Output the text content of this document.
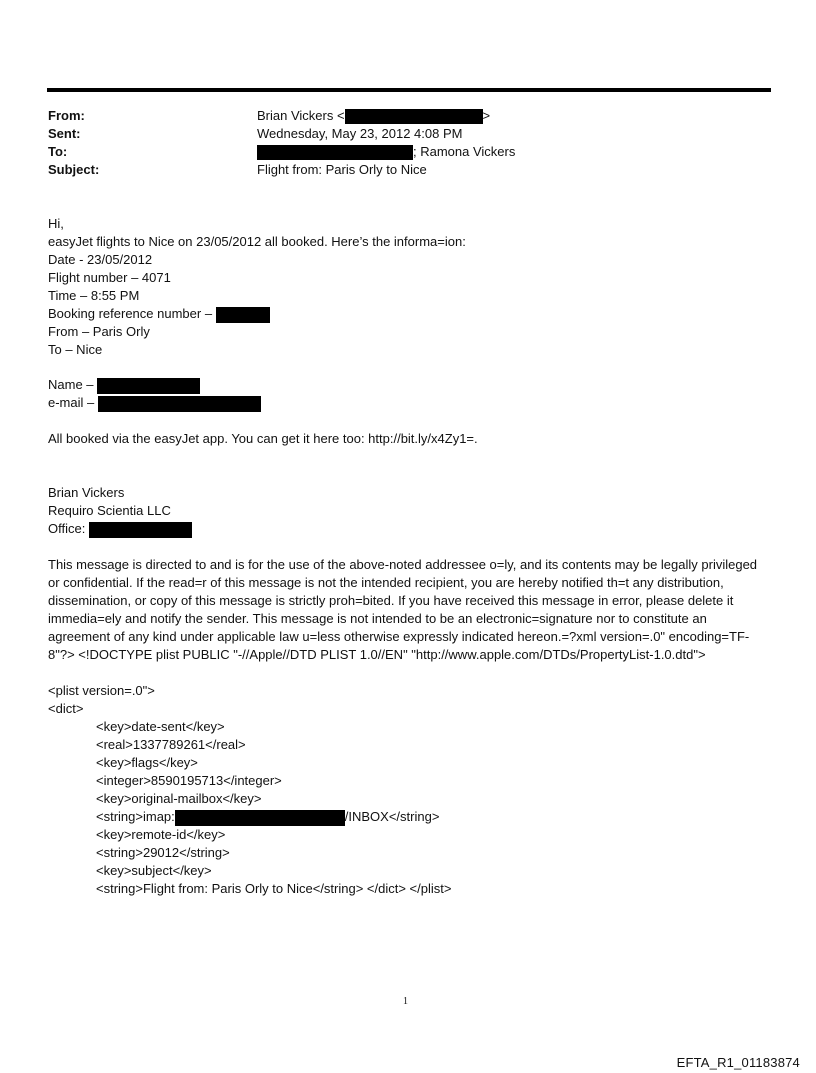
From:	Brian Vickers <	>
Sent:	Wednesday, May 23, 2012 4:08 PM
To:	; Ramona Vickers
Subject:	Flight from: Paris Orly to Nice
Hi,
easyJet flights to Nice on 23/05/2012 all booked. Here’s the informa=ion:
Date - 23/05/2012
Flight number – 4071
Time – 8:55 PM
Booking reference number –
From – Paris Orly
To – Nice
Name –
e-mail –
All booked via the easyJet app. You can get it here too: http://bit.ly/x4Zy1=.
Brian Vickers
Requiro Scientia LLC
Office:
This message is directed to and is for the use of the above-noted addressee o=ly, and its contents may be legally privileged or confidential. If the read=r of this message is not the intended recipient, you are hereby notified th=t any distribution, dissemination, or copy of this message is strictly proh=bited. If you have received this message in error, please delete it immedia=ely and notify the sender. This message is not intended to be an electronic=signature nor to constitute an agreement of any kind under applicable law u=less otherwise expressly indicated hereon.=?xml version=.0" encoding=TF-8"?> <!DOCTYPE plist PUBLIC "-//Apple//DTD PLIST 1.0//EN" "http://www.apple.com/DTDs/PropertyList-1.0.dtd">
<plist version=.0">
<dict>
<key>date-sent</key>
<real>1337789261</real>
<key>flags</key>
<integer>8590195713</integer>
<key>original-mailbox</key>
<string>imap:	/INBOX</string>
<key>remote-id</key>
<string>29012</string>
<key>subject</key>
<string>Flight from: Paris Orly to Nice</string> </dict> </plist>
1
EFTA_R1_01183874
